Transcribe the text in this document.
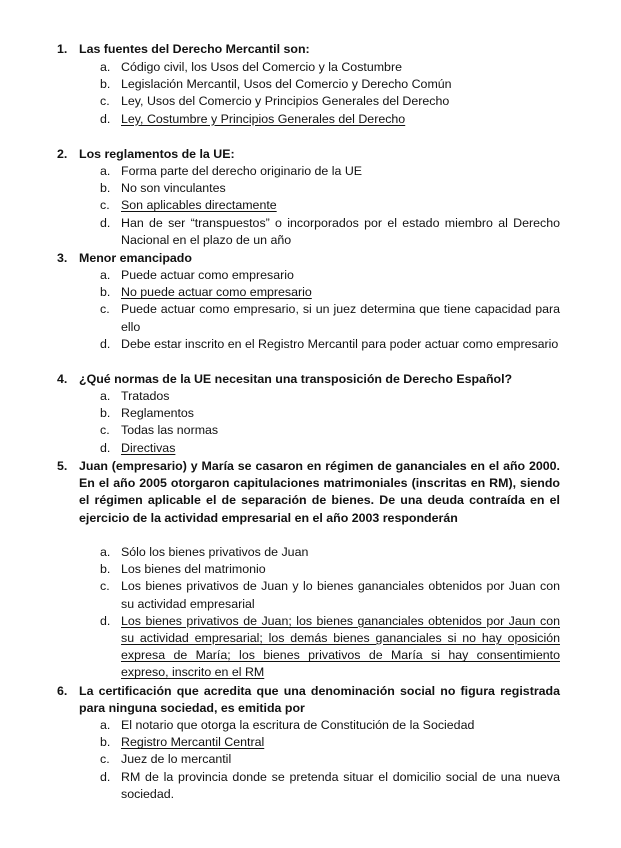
1. Las fuentes del Derecho Mercantil son:
a. Código civil, los Usos del Comercio y la Costumbre
b. Legislación Mercantil, Usos del Comercio y Derecho Común
c. Ley, Usos del Comercio y Principios Generales del Derecho
d. Ley, Costumbre y Principios Generales del Derecho
2. Los reglamentos de la UE:
a. Forma parte del derecho originario de la UE
b. No son vinculantes
c. Son aplicables directamente
d. Han de ser “transpuestos” o incorporados por el estado miembro al Derecho Nacional en el plazo de un año
3. Menor emancipado
a. Puede actuar como empresario
b. No puede actuar como empresario
c. Puede actuar como empresario, si un juez determina que tiene capacidad para ello
d. Debe estar inscrito en el Registro Mercantil para poder actuar como empresario
4. ¿Qué normas de la UE necesitan una transposición de Derecho Español?
a. Tratados
b. Reglamentos
c. Todas las normas
d. Directivas
5. Juan (empresario) y María se casaron en régimen de gananciales en el año 2000. En el año 2005 otorgaron capitulaciones matrimoniales (inscritas en RM), siendo el régimen aplicable el de separación de bienes. De una deuda contraída en el ejercicio de la actividad empresarial en el año 2003 responderán
a. Sólo los bienes privativos de Juan
b. Los bienes del matrimonio
c. Los bienes privativos de Juan y lo bienes gananciales obtenidos por Juan con su actividad empresarial
d. Los bienes privativos de Juan; los bienes gananciales obtenidos por Jaun con su actividad empresarial; los demás bienes gananciales si no hay oposición expresa de María; los bienes privativos de María si hay consentimiento expreso, inscrito en el RM
6. La certificación que acredita que una denominación social no figura registrada para ninguna sociedad, es emitida por
a. El notario que otorga la escritura de Constitución de la Sociedad
b. Registro Mercantil Central
c. Juez de lo mercantil
d. RM de la provincia donde se pretenda situar el domicilio social de una nueva sociedad.
